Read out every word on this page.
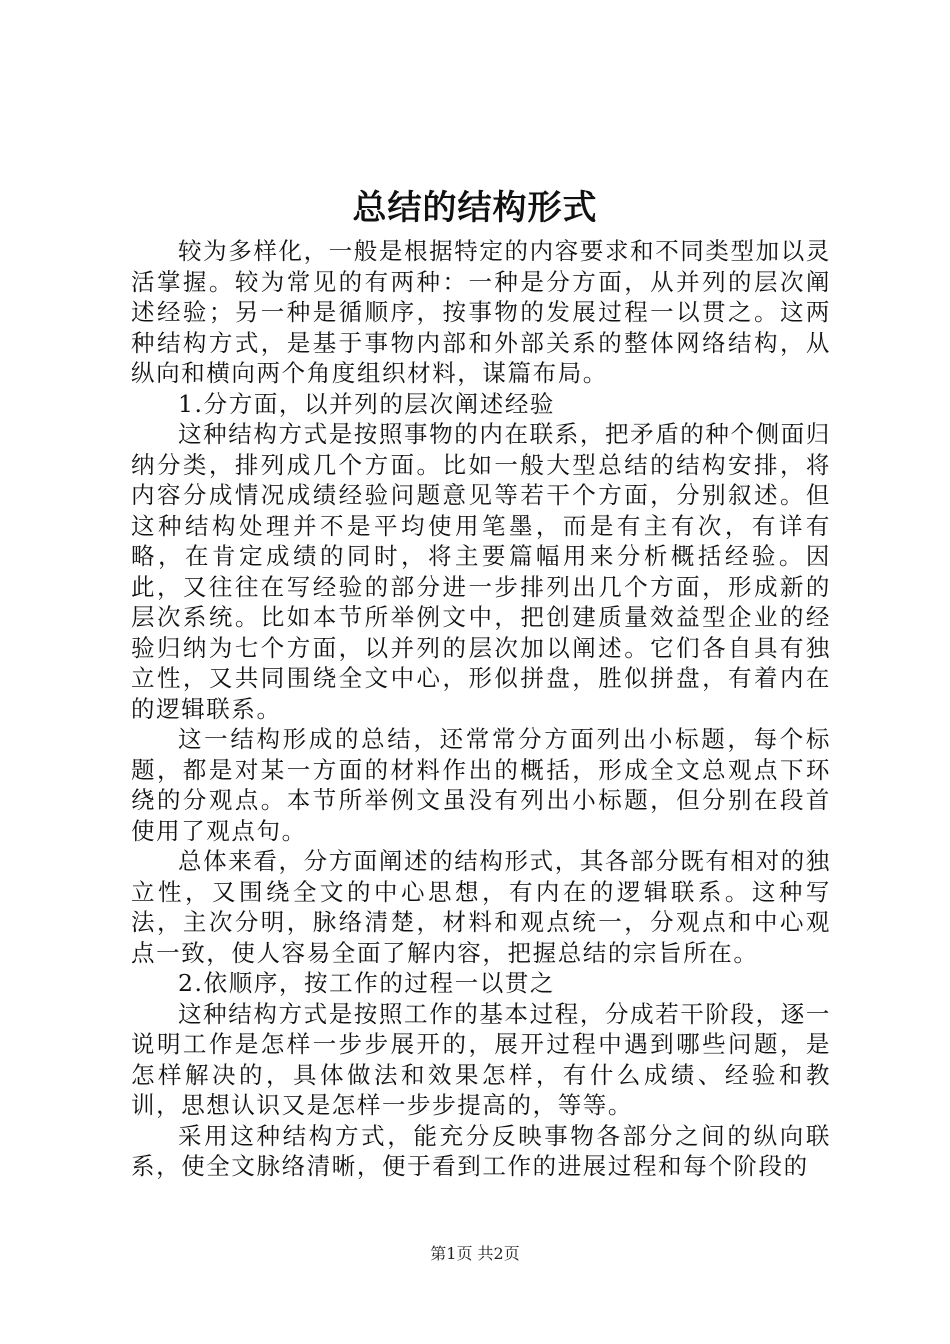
总结的结构形式

较为多样化，一般是根据特定的内容要求和不同类型加以灵活掌握。较为常见的有两种：一种是分方面，从并列的层次阐述经验；另一种是循顺序，按事物的发展过程一以贯之。这两种结构方式，是基于事物内部和外部关系的整体网络结构，从纵向和横向两个角度组织材料，谋篇布局。

1.分方面，以并列的层次阐述经验

这种结构方式是按照事物的内在联系，把矛盾的种个侧面归纳分类，排列成几个方面。比如一般大型总结的结构安排，将内容分成情况成绩经验问题意见等若干个方面，分别叙述。但这种结构处理并不是平均使用笔墨，而是有主有次，有详有略，在肯定成绩的同时，将主要篇幅用来分析概括经验。因此，又往往在写经验的部分进一步排列出几个方面，形成新的层次系统。比如本节所举例文中，把创建质量效益型企业的经验归纳为七个方面，以并列的层次加以阐述。它们各自具有独立性，又共同围绕全文中心，形似拼盘，胜似拼盘，有着内在的逻辑联系。

这一结构形成的总结，还常常分方面列出小标题，每个标题，都是对某一方面的材料作出的概括，形成全文总观点下环绕的分观点。本节所举例文虽没有列出小标题，但分别在段首使用了观点句。

总体来看，分方面阐述的结构形式，其各部分既有相对的独立性，又围绕全文的中心思想，有内在的逻辑联系。这种写法，主次分明，脉络清楚，材料和观点统一，分观点和中心观点一致，使人容易全面了解内容，把握总结的宗旨所在。

2.依顺序，按工作的过程一以贯之

这种结构方式是按照工作的基本过程，分成若干阶段，逐一说明工作是怎样一步步展开的，展开过程中遇到哪些问题，是怎样解决的，具体做法和效果怎样，有什么成绩、经验和教训，思想认识又是怎样一步步提高的，等等。

采用这种结构方式，能充分反映事物各部分之间的纵向联系，使全文脉络清晰，便于看到工作的进展过程和每个阶段的

第1页 共2页
